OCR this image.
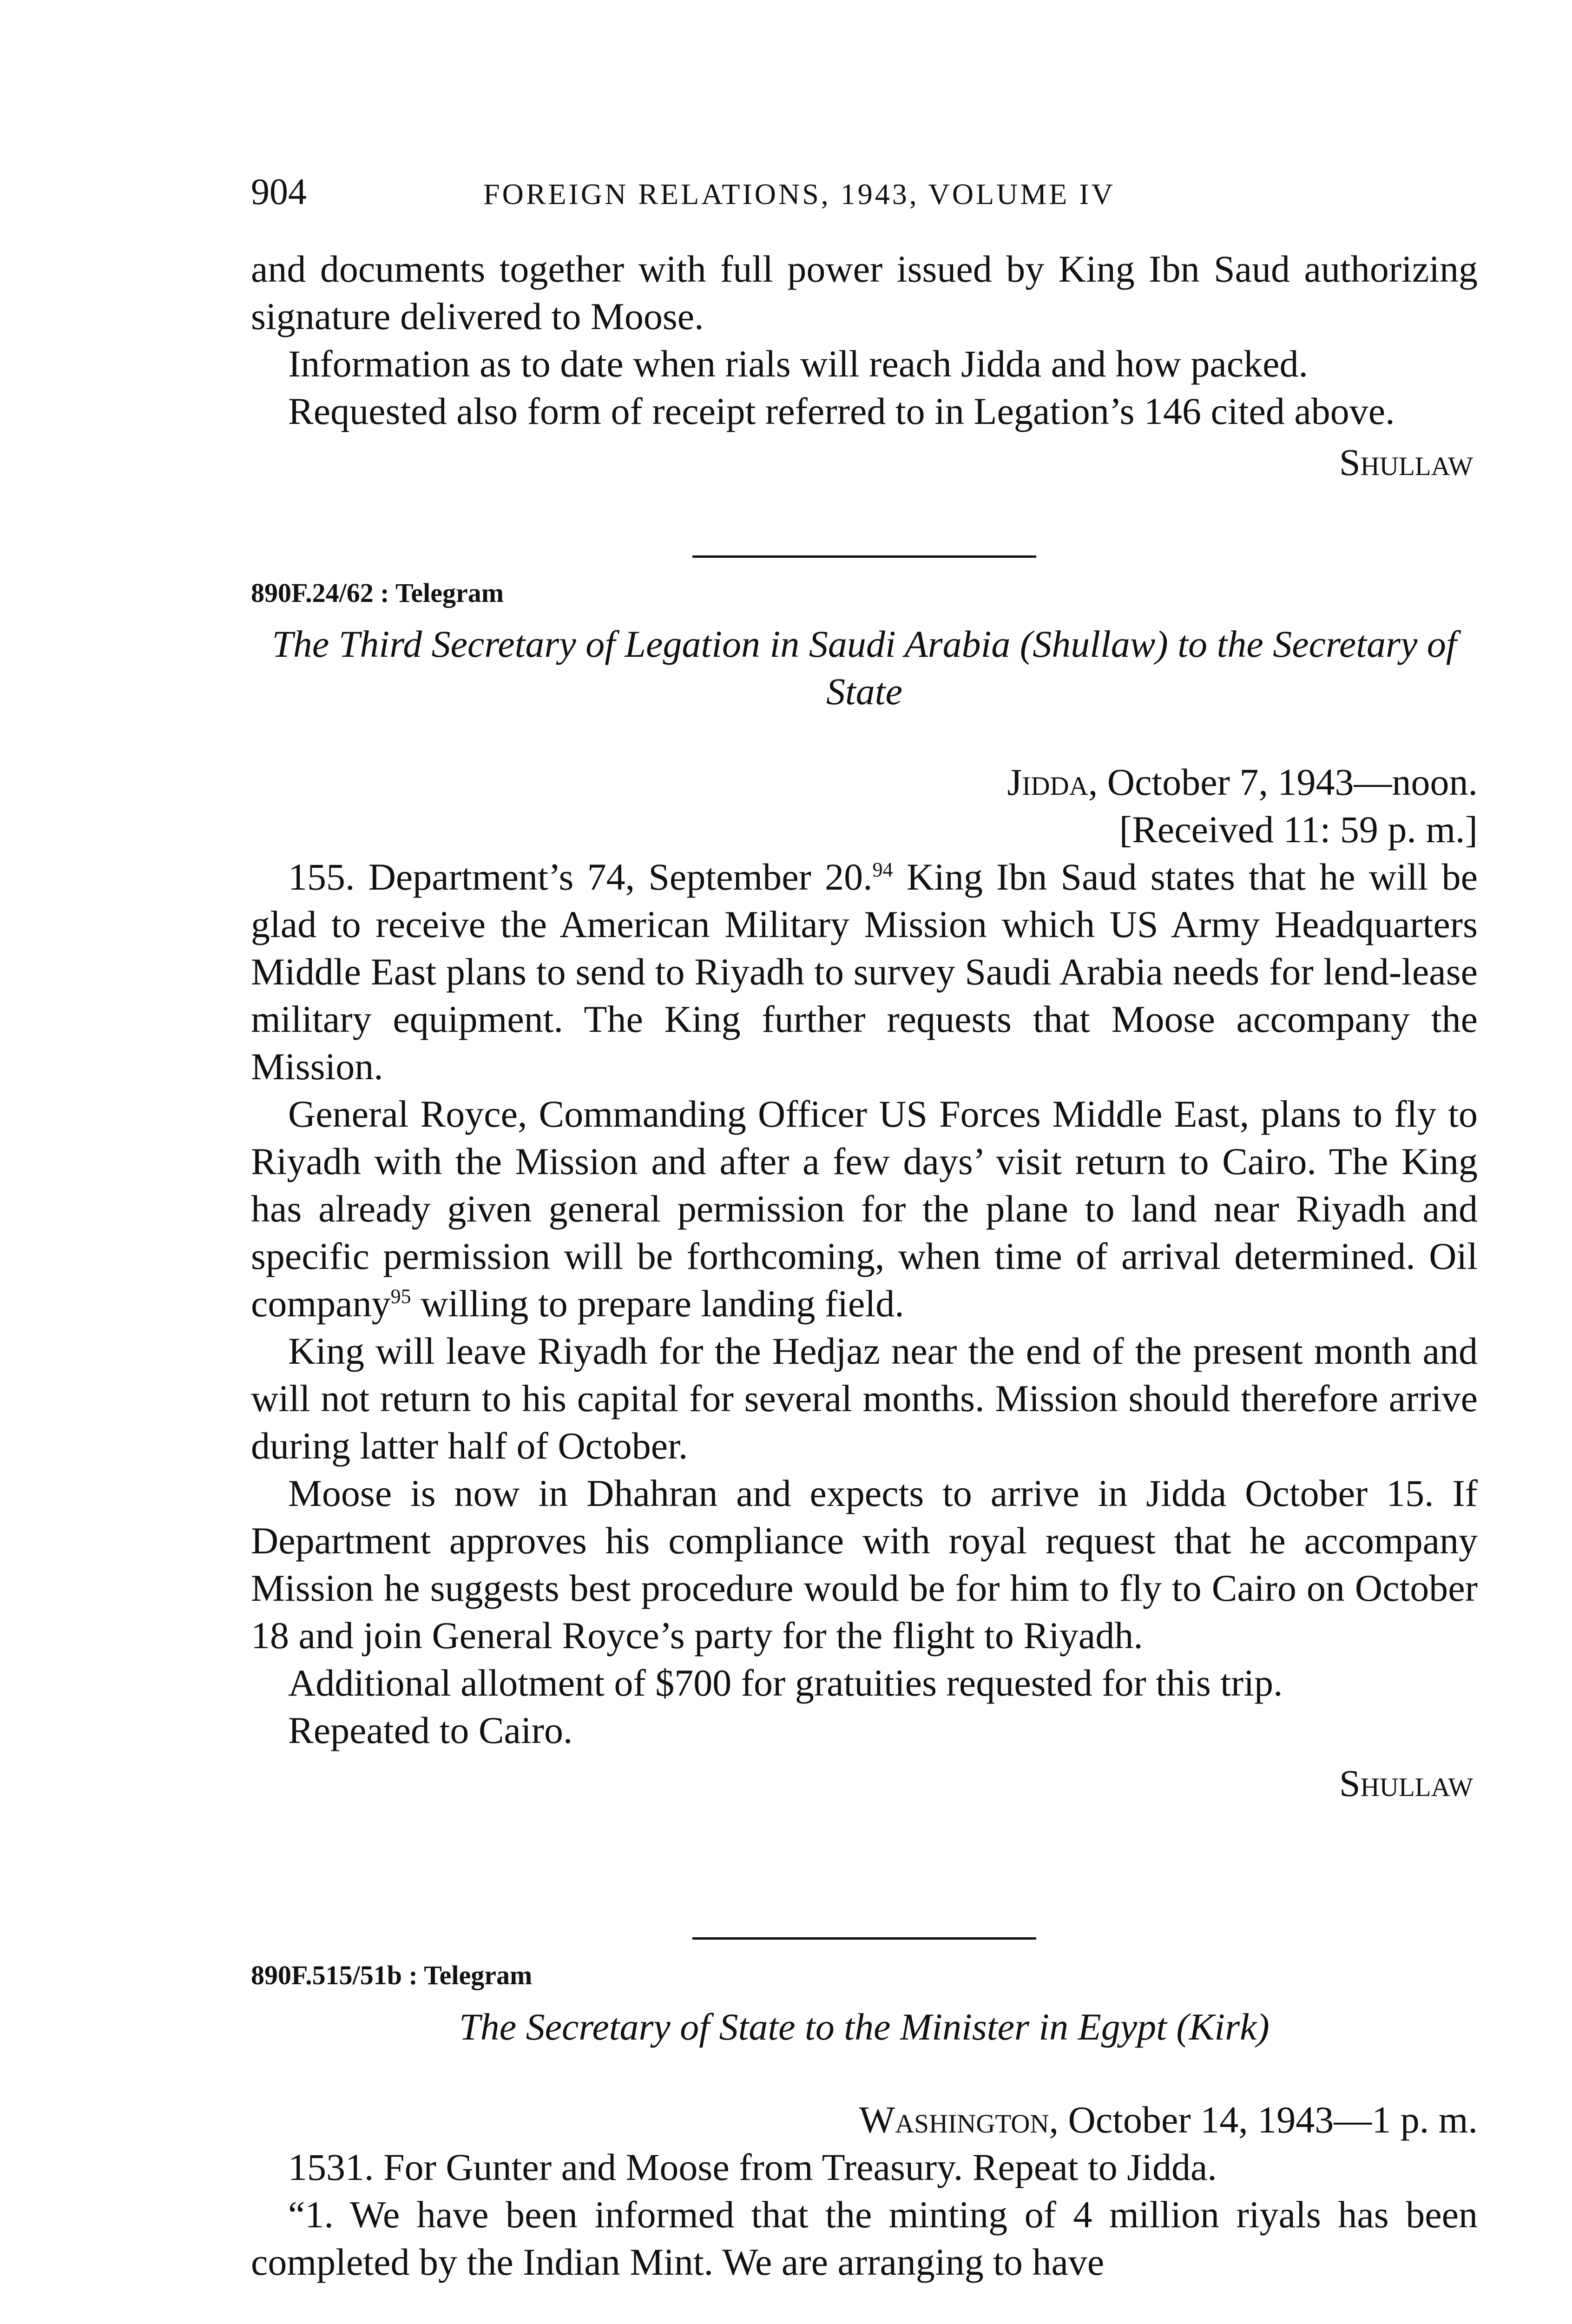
904	FOREIGN RELATIONS, 1943, VOLUME IV

and documents together with full power issued by King Ibn Saud authorizing signature delivered to Moose.

Information as to date when rials will reach Jidda and how packed.

Requested also form of receipt referred to in Legation’s 146 cited above.

Shullaw

890F.24/62 : Telegram
The Third Secretary of Legation in Saudi Arabia (Shullaw) to the Secretary of State
Jidda, October 7, 1943—noon.
[Received 11: 59 p. m.]

155. Department’s 74, September 20.94 King Ibn Saud states that he will be glad to receive the American Military Mission which US Army Headquarters Middle East plans to send to Riyadh to survey Saudi Arabia needs for lend-lease military equipment. The King further requests that Moose accompany the Mission.

General Royce, Commanding Officer US Forces Middle East, plans to fly to Riyadh with the Mission and after a few days’ visit return to Cairo. The King has already given general permission for the plane to land near Riyadh and specific permission will be forthcoming, when time of arrival determined. Oil company$^{95}$ willing to prepare landing field.

King will leave Riyadh for the Hedjaz near the end of the present month and will not return to his capital for several months. Mission should therefore arrive during latter half of October.

Moose is now in Dhahran and expects to arrive in Jidda October 15. If Department approves his compliance with royal request that he accompany Mission he suggests best procedure would be for him to fly to Cairo on October 18 and join General Royce’s party for the flight to Riyadh.

Additional allotment of $700 for gratuities requested for this trip.

Repeated to Cairo.

Shullaw

890F.515/51b : Telegram
The Secretary of State to the Minister in Egypt (Kirk)
Washington, October 14, 1943—1 p. m.

1531. For Gunter and Moose from Treasury. Repeat to Jidda.

“1. We have been informed that the minting of 4 million riyals has been completed by the Indian Mint. We are arranging to have
